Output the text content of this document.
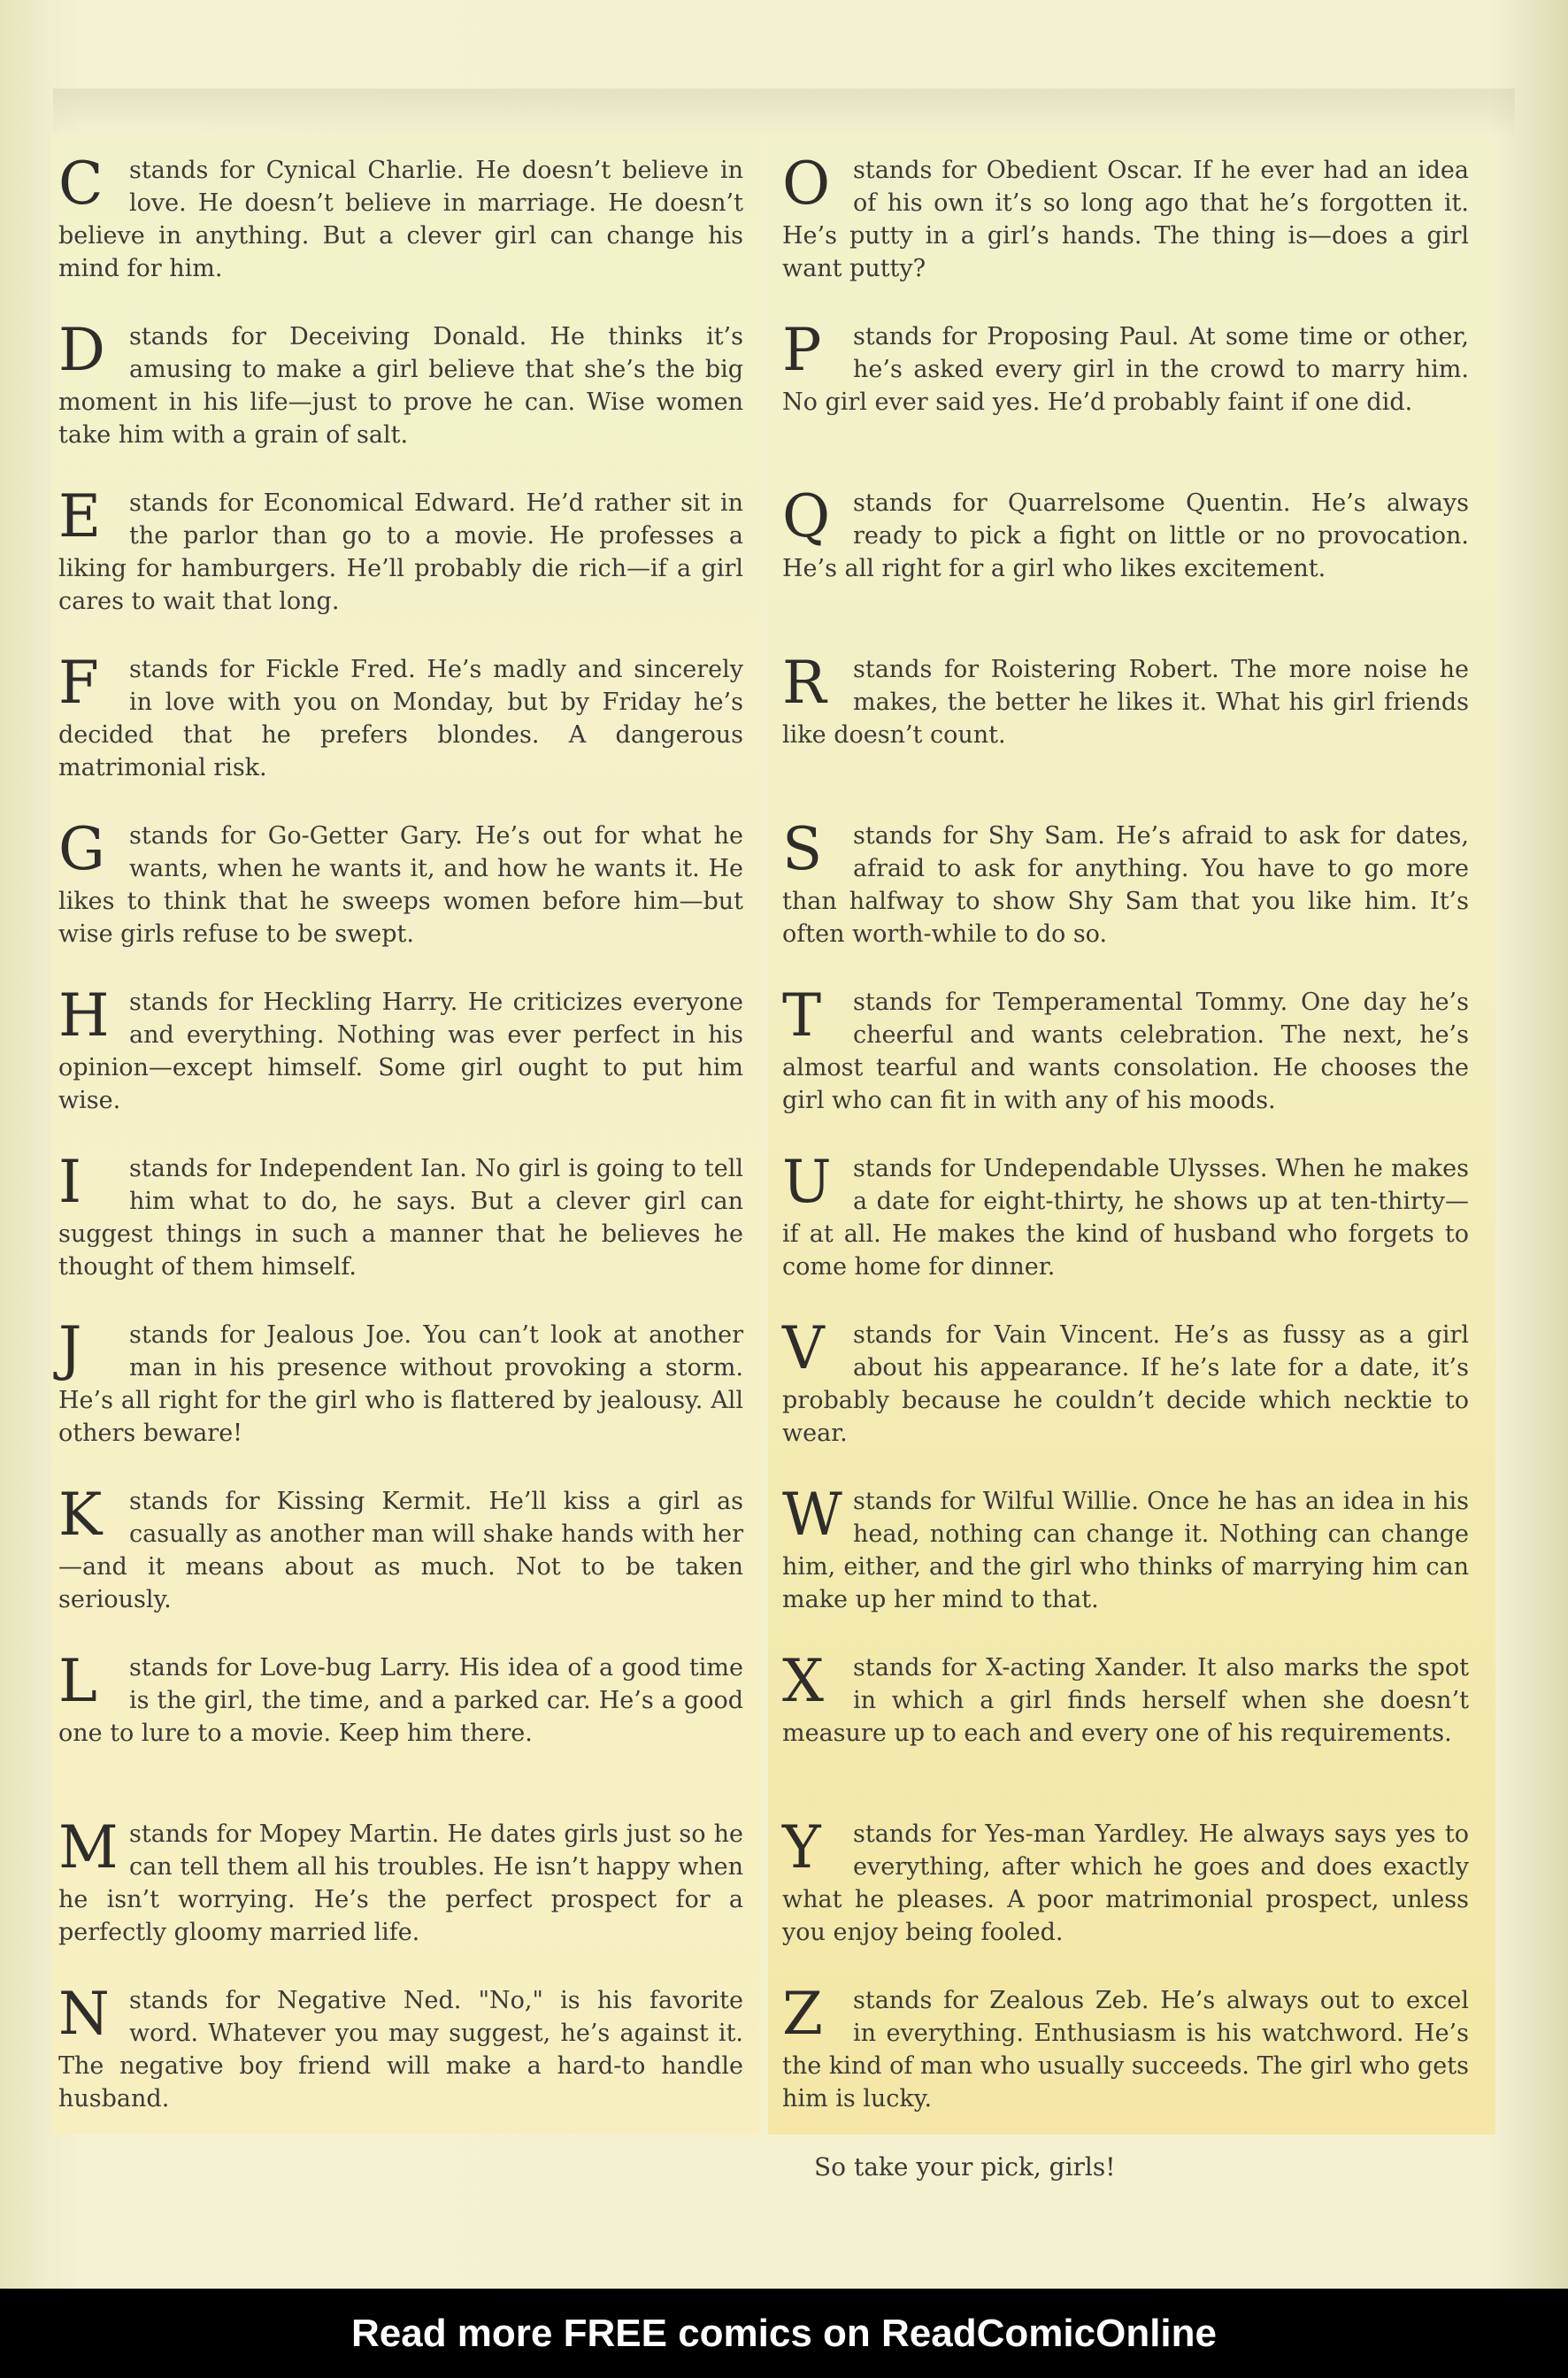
C	stands for Cynical Charlie. He doesn’t believe in love. He doesn’t believe in marriage. He doesn’t believe in anything. But a clever girl can change his mind for him.
D	stands for Deceiving Donald. He thinks it’s amusing to make a girl believe that she’s the big moment in his life—just to prove he can. Wise women take him with a grain of salt.
E	stands for Economical Edward. He’d rather sit in the parlor than go to a movie. He professes a liking for hamburgers. He’ll probably die rich—if a girl cares to wait that long.
F	stands for Fickle Fred. He’s madly and sincerely in love with you on Monday, but by Friday he’s decided that he prefers blondes. A dangerous matrimonial risk.
G	stands for Go-Getter Gary. He’s out for what he wants, when he wants it, and how he wants it. He likes to think that he sweeps women before him—but wise girls refuse to be swept.
Hstands for Heckling Harry. He criticizes everyone and everything. Nothing was ever perfect in his opinion—except himself. Some girl ought to put him wise.
I	stands for Independent Ian. No girl is going to tell him what to do, he says. But a clever girl can suggest things in such a manner that he believes he thought of them himself.
J	stands for Jealous Joe. You can’t look at another man in his presence without provoking a storm. He’s all right for the girl who is flattered by jealousy. All others beware!
K	stands for Kissing Kermit. He’ll kiss a girl as casually as another man will shake hands with her—and it means about as much. Not to be taken seriously.
L	stands for Love-bug Larry. His idea of a good time is the girl, the time, and a parked car. He’s a good one to lure to a movie. Keep him there.
Mstands for Mopey Martin. He dates girls just so he can tell them all his troubles. He isn’t happy when he isn’t worrying. He’s the perfect prospect for a perfectly gloomy married life.
Nstands for Negative Ned. "No," is his favorite word. Whatever you may suggest, he’s against it. The negative boy friend will make a hard-to handle husband.
Ostands for Obedient Oscar. If he ever had an idea of his own it’s so long ago that he’s forgotten it. He’s putty in a girl’s hands. The thing is—does a girl want putty?
P	stands for Proposing Paul. At some time or other, he’s asked every girl in the crowd to marry him. No girl ever said yes. He’d probably faint if one did.
Qstands for Quarrelsome Quentin. He’s always ready to pick a fight on little or no provocation. He’s all right for a girl who likes excitement.
R	stands for Roistering Robert. The more noise he makes, the better he likes it. What his girl friends like doesn’t count.
S	stands for Shy Sam. He’s afraid to ask for dates, afraid to ask for anything. You have to go more than halfway to show Shy Sam that you like him. It’s often worth-while to do so.
T	stands for Temperamental Tommy. One day he’s cheerful and wants celebration. The next, he’s almost tearful and wants consolation. He chooses the girl who can fit in with any of his moods.
Ustands for Undependable Ulysses. When he makes a date for eight-thirty, he shows up at ten-thirty—if at all. He makes the kind of husband who forgets to come home for dinner.
V	stands for Vain Vincent. He’s as fussy as a girl about his appearance. If he’s late for a date, it’s probably because he couldn’t decide which necktie to wear.
Wstands for Wilful Willie. Once he has an idea in his head, nothing can change it. Nothing can change him, either, and the girl who thinks of marrying him can make up her mind to that.
X	stands for X-acting Xander. It also marks the spot in which a girl finds herself when she doesn’t measure up to each and every one of his requirements.
Y	stands for Yes-man Yardley. He always says yes to everything, after which he goes and does exactly what he pleases. A poor matrimonial prospect, unless you enjoy being fooled.
Z	stands for Zealous Zeb. He’s always out to excel in everything. Enthusiasm is his watchword. He’s the kind of man who usually succeeds. The girl who gets him is lucky.

So take your pick, girls!

Read more FREE comics on ReadComicOnline
